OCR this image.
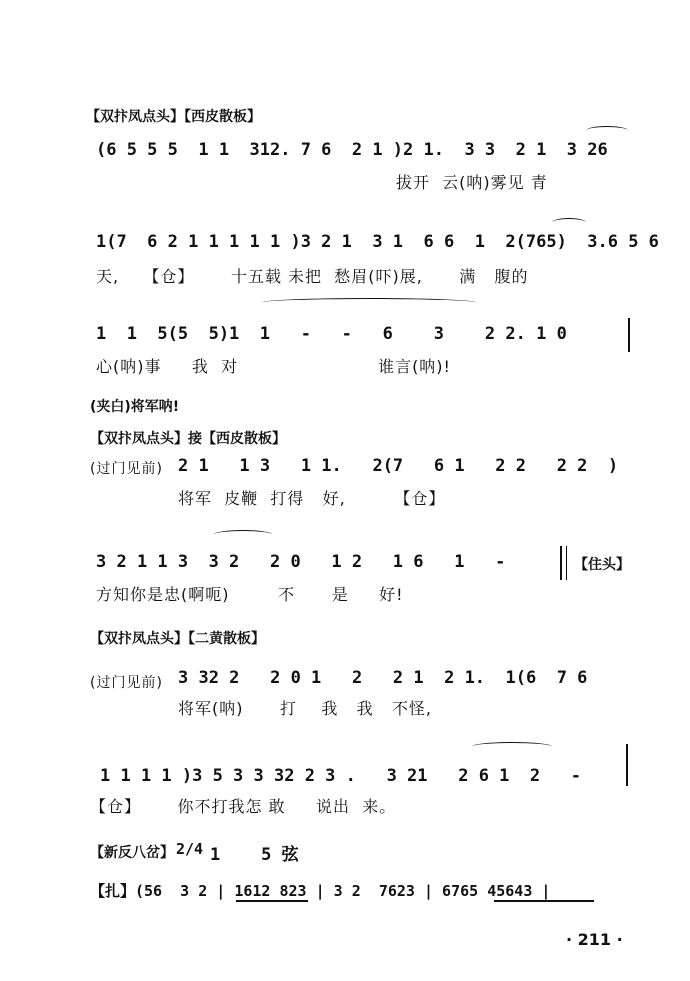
【双抃凤点头】【西皮散板】
(6 5 5 5  1 1  312. 7 6  2 1 )2 1.  3 3  2 1  3 26
拔开  云(呐)雾见 青
1(7  6 2 1 1 1 1 1 )3 2 1  3 1  6 6  1  2(765)  3.6 5 6
天,    【仓】      十五载 未把  愁眉(吓)展,      满   腹的
1  1  5(5  5)1  1   -   -   6    3    2 2. 1 0
心(呐)事     我  对                       谁言(呐)!
(夹白)将军呐!
【双抃凤点头】接【西皮散板】
(过门见前) 2 1   1 3   1 1.   2(7   6 1   2 2   2 2  )
将军  皮鞭  打得   好,        【仓】
3 2 1 1 3  3 2   2 0   1 2   1 6   1   -
方知你是忠(啊呃)        不      是     好!
【住头】
【双抃凤点头】【二黄散板】
(过门见前) 3 32 2   2 0 1   2   2 1  2 1.  1(6  7 6
将军(呐)      打    我   我   不怪,
1 1 1 1 )3 5 3 3 32 2 3 .   3 21   2 6 1  2   -
【仓】      你不打我怎 敢     说出  来。
【新反八岔】 2/4 1    5 弦
【扎】(56  3 2 | 1612 823 | 3 2  7623 | 6765 45643 |
· 211 ·
